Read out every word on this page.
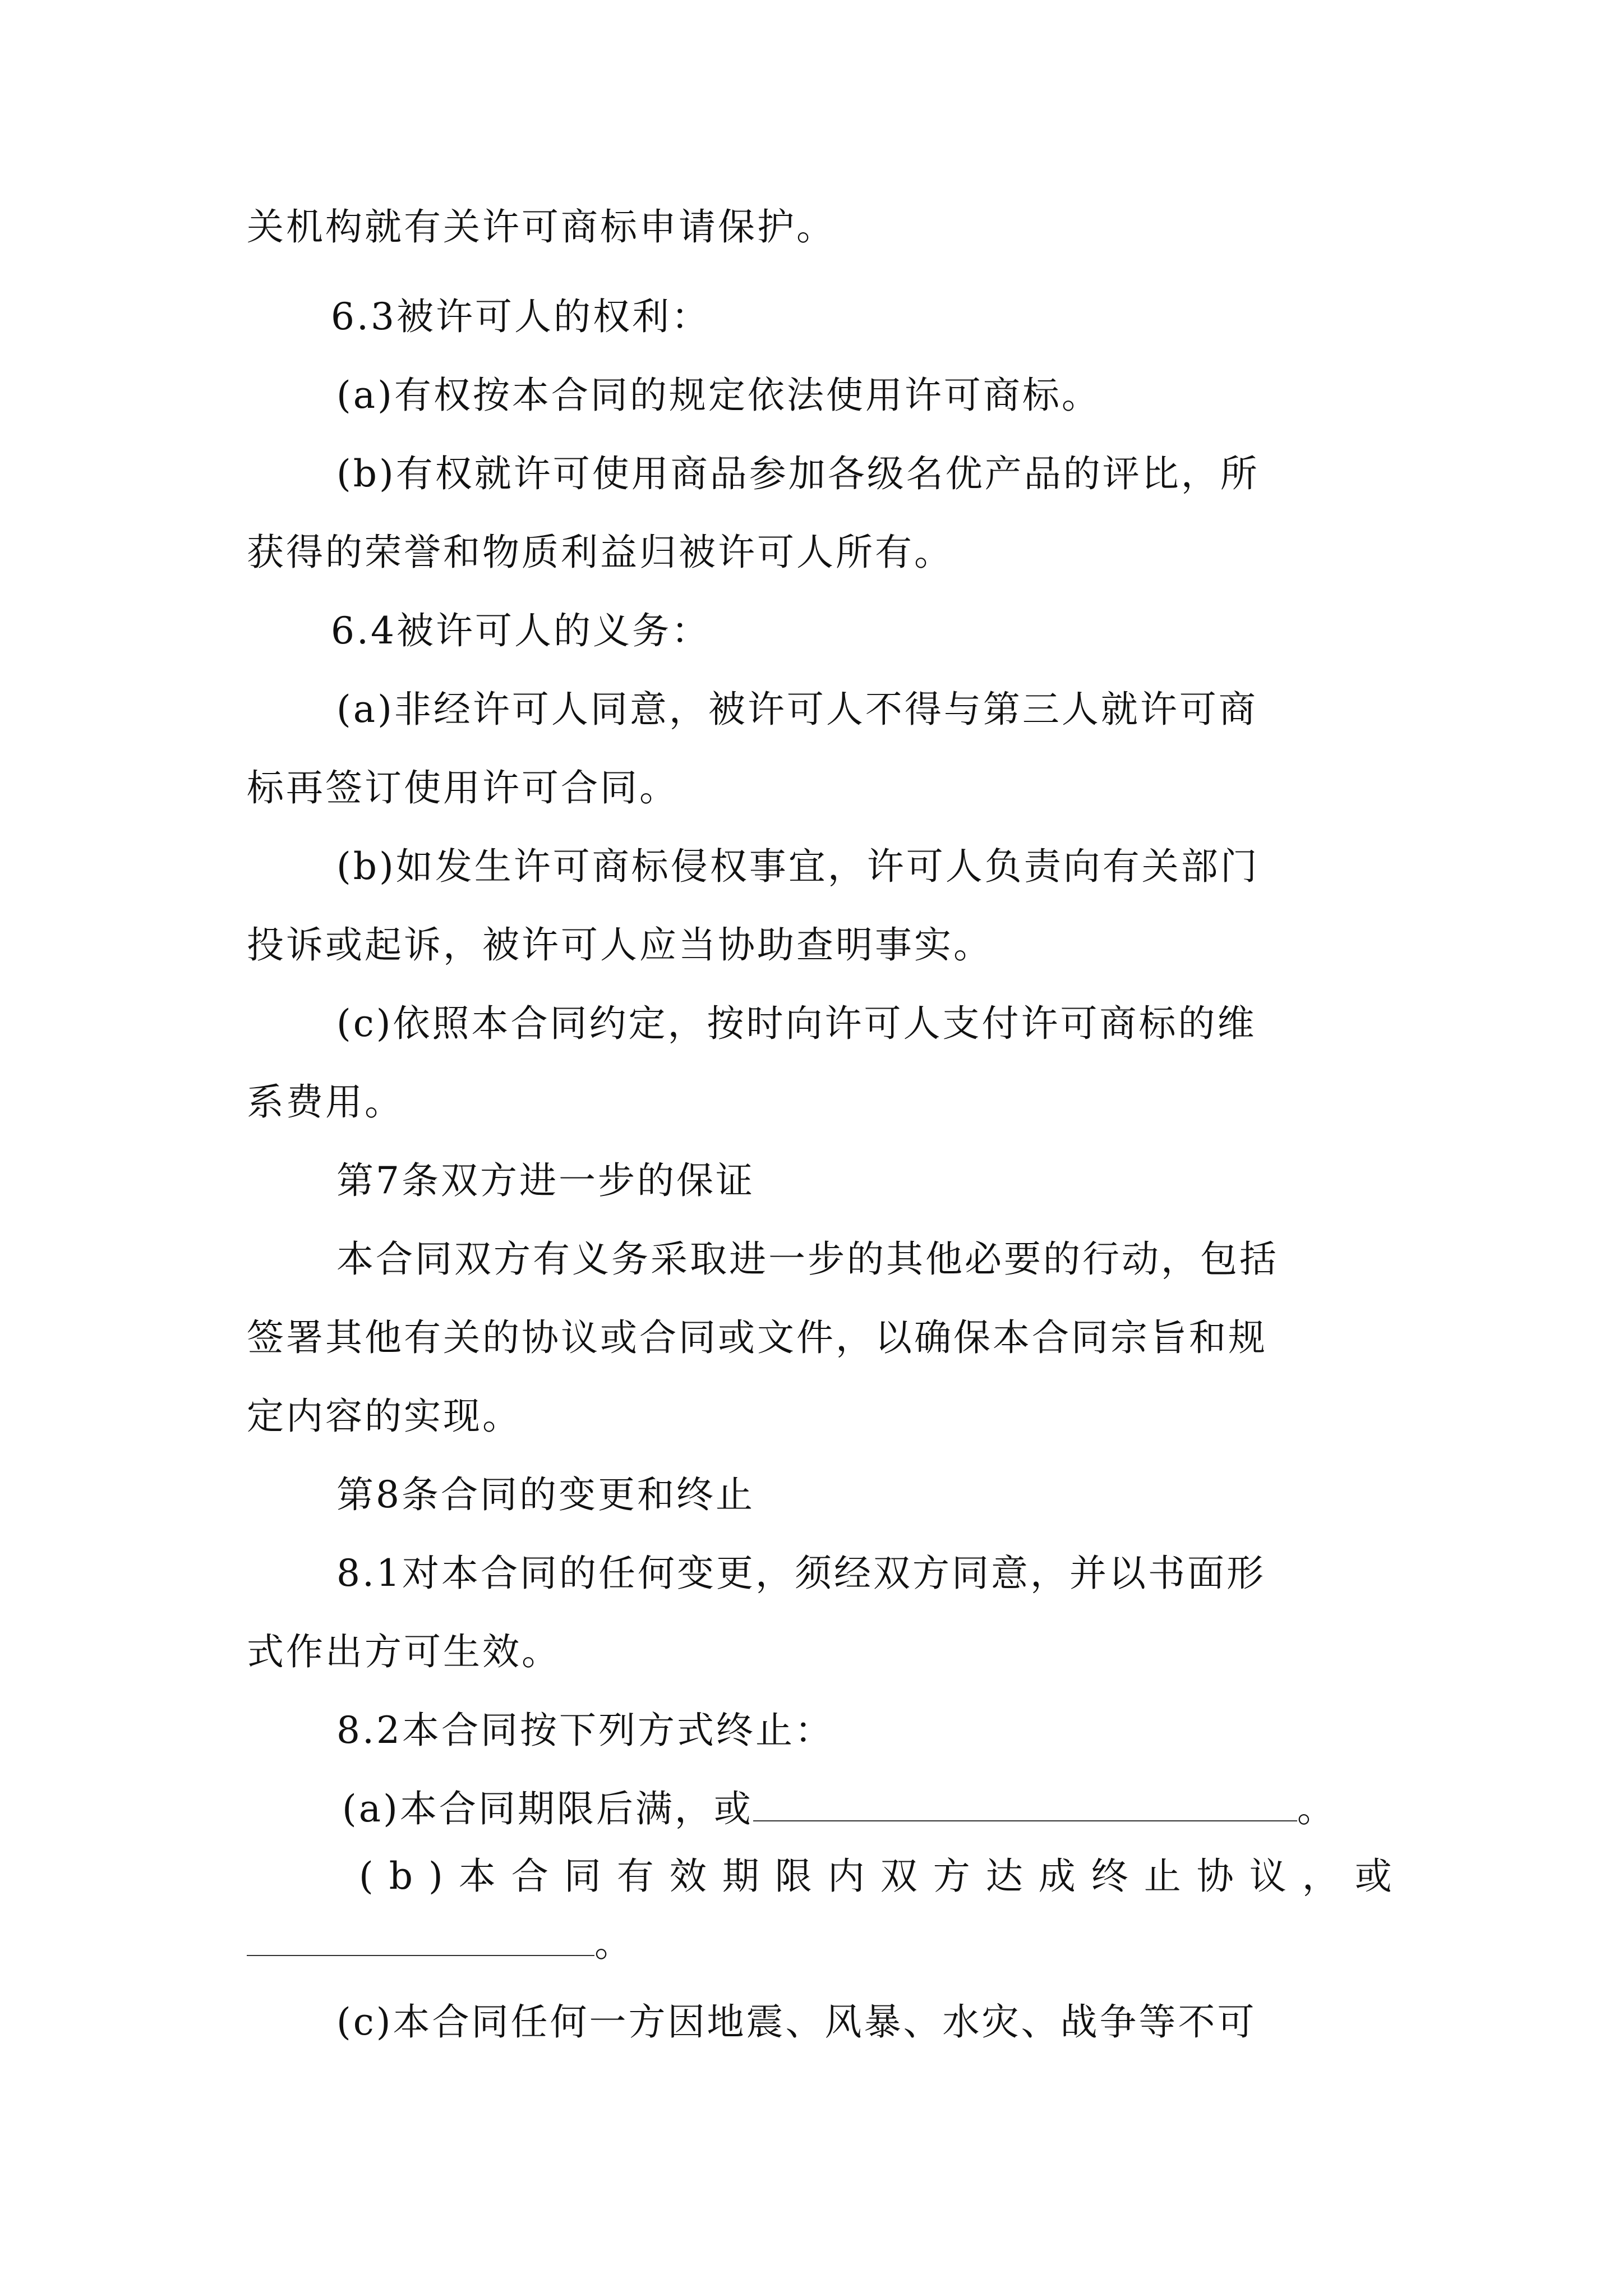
关机构就有关许可商标申请保护。
6.3被许可人的权利：
(a)有权按本合同的规定依法使用许可商标。
(b)有权就许可使用商品参加各级名优产品的评比，所
获得的荣誉和物质利益归被许可人所有。
6.4被许可人的义务：
(a)非经许可人同意，被许可人不得与第三人就许可商
标再签订使用许可合同。
(b)如发生许可商标侵权事宜，许可人负责向有关部门
投诉或起诉，被许可人应当协助查明事实。
(c)依照本合同约定，按时向许可人支付许可商标的维
系费用。
第7条双方进一步的保证
本合同双方有义务采取进一步的其他必要的行动，包括
签署其他有关的协议或合同或文件，以确保本合同宗旨和规
定内容的实现。
第8条合同的变更和终止
8.1对本合同的任何变更，须经双方同意，并以书面形
式作出方可生效。
8.2本合同按下列方式终止：
(a)本合同期限后满，或	。
(b)本合同有效期限内双方达成终止协议，或
。
(c)本合同任何一方因地震、风暴、水灾、战争等不可
